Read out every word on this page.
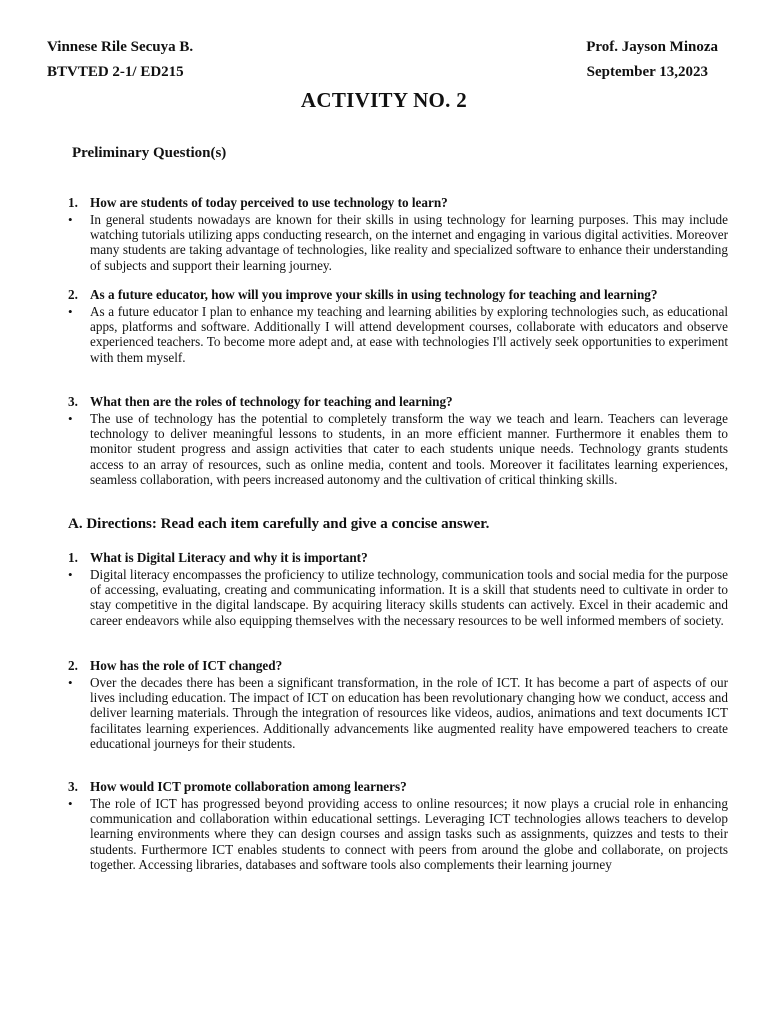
Vinnese Rile Secuya B.
BTVTED 2-1/ ED215
Prof. Jayson Minoza
September 13,2023
ACTIVITY NO. 2
Preliminary Question(s)
1. How are students of today perceived to use technology to learn?
•	In general students nowadays are known for their skills in using technology for learning purposes. This may include watching tutorials utilizing apps conducting research, on the internet and engaging in various digital activities. Moreover many students are taking advantage of technologies, like reality and specialized software to enhance their understanding of subjects and support their learning journey.
2. As a future educator, how will you improve your skills in using technology for teaching and learning?
•	As a future educator I plan to enhance my teaching and learning abilities by exploring technologies such, as educational apps, platforms and software. Additionally I will attend development courses, collaborate with educators and observe experienced teachers. To become more adept and, at ease with technologies I'll actively seek opportunities to experiment with them myself.
3. What then are the roles of technology for teaching and learning?
•	The use of technology has the potential to completely transform the way we teach and learn. Teachers can leverage technology to deliver meaningful lessons to students, in an more efficient manner. Furthermore it enables them to monitor student progress and assign activities that cater to each students unique needs. Technology grants students access to an array of resources, such as online media, content and tools. Moreover it facilitates learning experiences, seamless collaboration, with peers increased autonomy and the cultivation of critical thinking skills.
A. Directions: Read each item carefully and give a concise answer.
1. What is Digital Literacy and why it is important?
•	Digital literacy encompasses the proficiency to utilize technology, communication tools and social media for the purpose of accessing, evaluating, creating and communicating information. It is a skill that students need to cultivate in order to stay competitive in the digital landscape. By acquiring literacy skills students can actively. Excel in their academic and career endeavors while also equipping themselves with the necessary resources to be well informed members of society.
2. How has the role of ICT changed?
•	Over the decades there has been a significant transformation, in the role of ICT. It has become a part of aspects of our lives including education. The impact of ICT on education has been revolutionary changing how we conduct, access and deliver learning materials. Through the integration of resources like videos, audios, animations and text documents ICT facilitates learning experiences. Additionally advancements like augmented reality have empowered teachers to create educational journeys for their students.
3. How would ICT promote collaboration among learners?
•	The role of ICT has progressed beyond providing access to online resources; it now plays a crucial role in enhancing communication and collaboration within educational settings. Leveraging ICT technologies allows teachers to develop learning environments where they can design courses and assign tasks such as assignments, quizzes and tests to their students. Furthermore ICT enables students to connect with peers from around the globe and collaborate, on projects together. Accessing libraries, databases and software tools also complements their learning journey
